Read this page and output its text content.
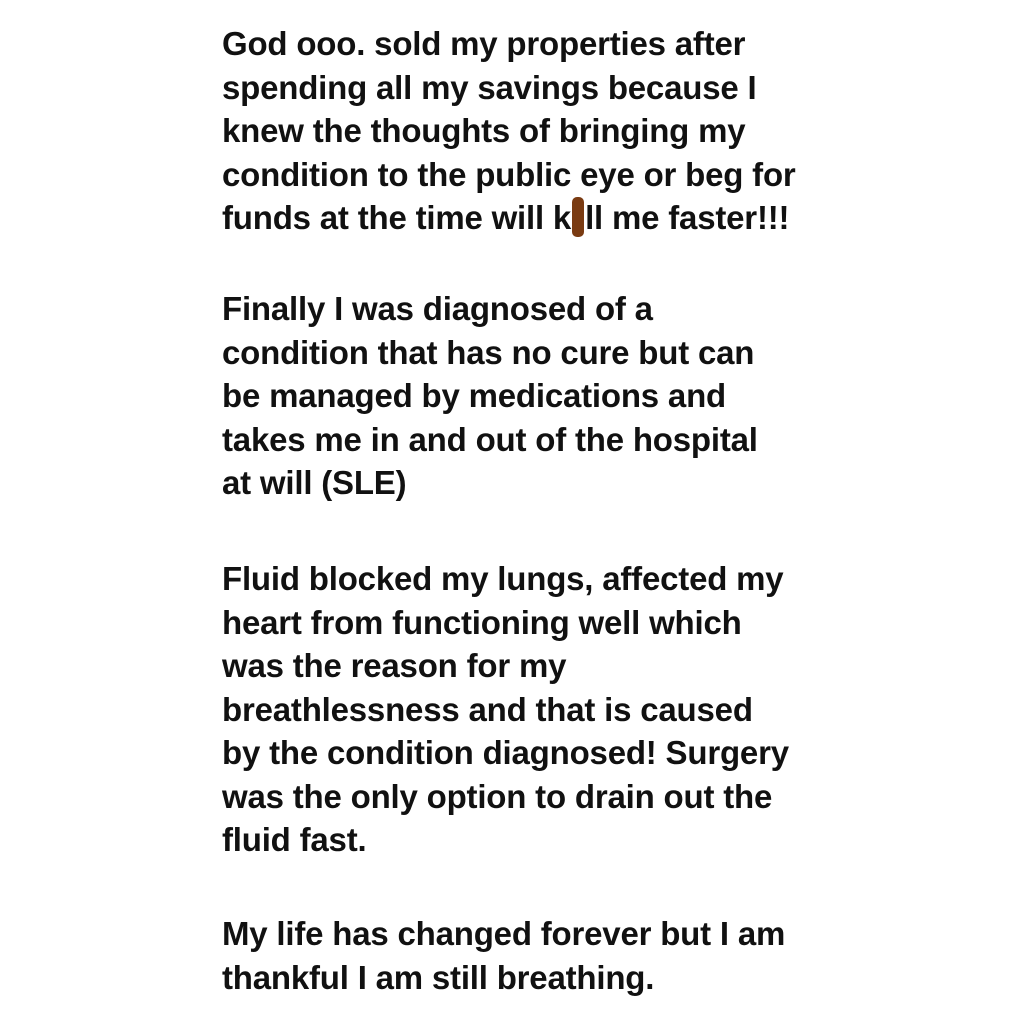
God ooo. sold my properties after
spending all my savings because I
knew the thoughts of bringing my
condition to the public eye or beg for
funds at the time will k ll me faster!!!

Finally I was diagnosed of a
condition that has no cure but can
be managed by medications and
takes me in and out of the hospital
at will (SLE)

Fluid blocked my lungs, affected my
heart from functioning well which
was the reason for my
breathlessness and that is caused
by the condition diagnosed! Surgery
was the only option to drain out the
fluid fast.

My life has changed forever but I am
thankful I am still breathing.
